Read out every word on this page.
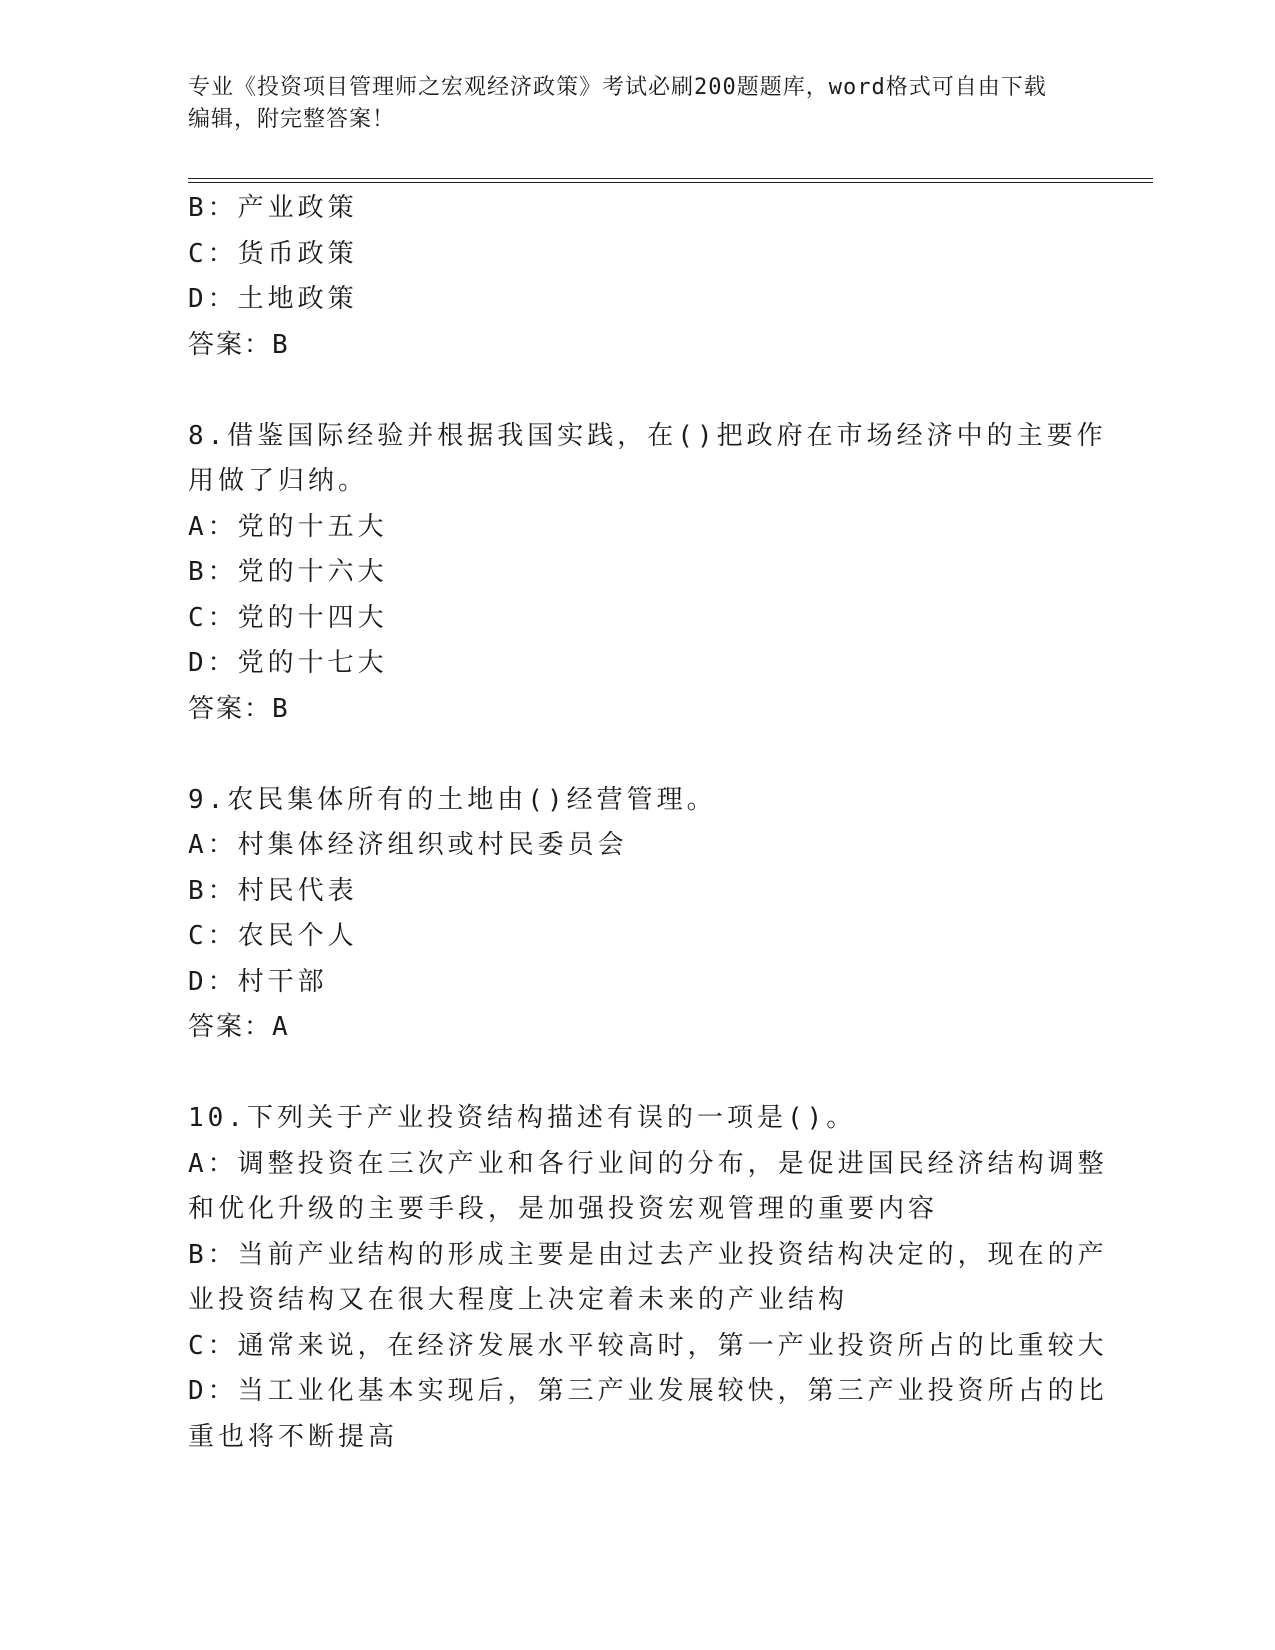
专业《投资项目管理师之宏观经济政策》考试必刷200题题库，word格式可自由下载编辑，附完整答案！
B：产业政策
C：货币政策
D：土地政策
答案：B
8.借鉴国际经验并根据我国实践，在()把政府在市场经济中的主要作
用做了归纳。
A：党的十五大
B：党的十六大
C：党的十四大
D：党的十七大
答案：B
9.农民集体所有的土地由()经营管理。
A：村集体经济组织或村民委员会
B：村民代表
C：农民个人
D：村干部
答案：A
10.下列关于产业投资结构描述有误的一项是()。
A：调整投资在三次产业和各行业间的分布，是促进国民经济结构调整
和优化升级的主要手段，是加强投资宏观管理的重要内容
B：当前产业结构的形成主要是由过去产业投资结构决定的，现在的产
业投资结构又在很大程度上决定着未来的产业结构
C：通常来说，在经济发展水平较高时，第一产业投资所占的比重较大
D：当工业化基本实现后，第三产业发展较快，第三产业投资所占的比
重也将不断提高
